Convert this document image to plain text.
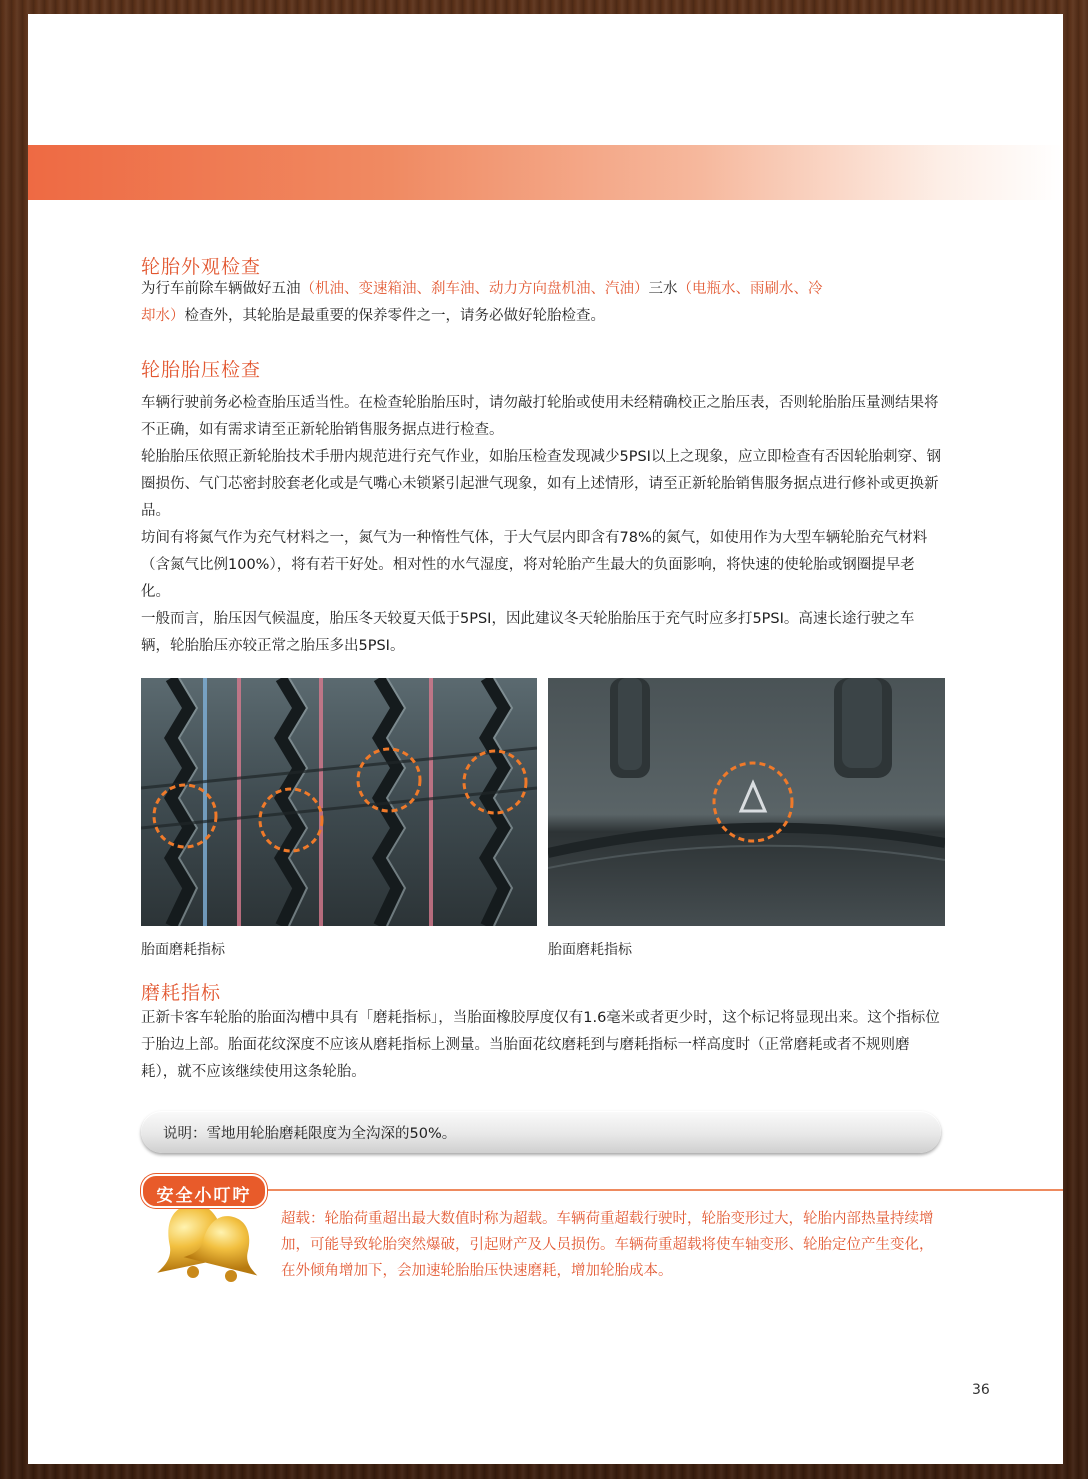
轮胎外观检查

为行车前除车辆做好五油（机油、变速箱油、刹车油、动力方向盘机油、汽油）三水（电瓶水、雨刷水、冷

却水）检查外，其轮胎是最重要的保养零件之一，请务必做好轮胎检查。

轮胎胎压检查

车辆行驶前务必检查胎压适当性。在检查轮胎胎压时，请勿敲打轮胎或使用未经精确校正之胎压表，否则轮胎胎压量测结果将不正确，如有需求请至正新轮胎销售服务据点进行检查。

轮胎胎压依照正新轮胎技术手册内规范进行充气作业，如胎压检查发现减少5PSI以上之现象，应立即检查有否因轮胎刺穿、钢圈损伤、气门芯密封胶套老化或是气嘴心未锁紧引起泄气现象，如有上述情形，请至正新轮胎销售服务据点进行修补或更换新品。

坊间有将氮气作为充气材料之一，氮气为一种惰性气体，于大气层内即含有78%的氮气，如使用作为大型车辆轮胎充气材料（含氮气比例100%），将有若干好处。相对性的水气湿度，将对轮胎产生最大的负面影响，将快速的使轮胎或钢圈提早老化。

一般而言，胎压因气候温度，胎压冬天较夏天低于5PSI，因此建议冬天轮胎胎压于充气时应多打5PSI。高速长途行驶之车辆，轮胎胎压亦较正常之胎压多出5PSI。

胎面磨耗指标	胎面磨耗指标
磨耗指标
正新卡客车轮胎的胎面沟槽中具有「磨耗指标」，当胎面橡胶厚度仅有1.6毫米或者更少时，这个标记将显现出来。这个指标位于胎边上部。胎面花纹深度不应该从磨耗指标上测量。当胎面花纹磨耗到与磨耗指标一样高度时（正常磨耗或者不规则磨耗），就不应该继续使用这条轮胎。
说明：雪地用轮胎磨耗限度为全沟深的50%。
安全小叮咛
超载：轮胎荷重超出最大数值时称为超载。车辆荷重超载行驶时，轮胎变形过大，轮胎内部热量持续增加，可能导致轮胎突然爆破，引起财产及人员损伤。车辆荷重超载将使车轴变形、轮胎定位产生变化，在外倾角增加下，会加速轮胎胎压快速磨耗，增加轮胎成本。
36
